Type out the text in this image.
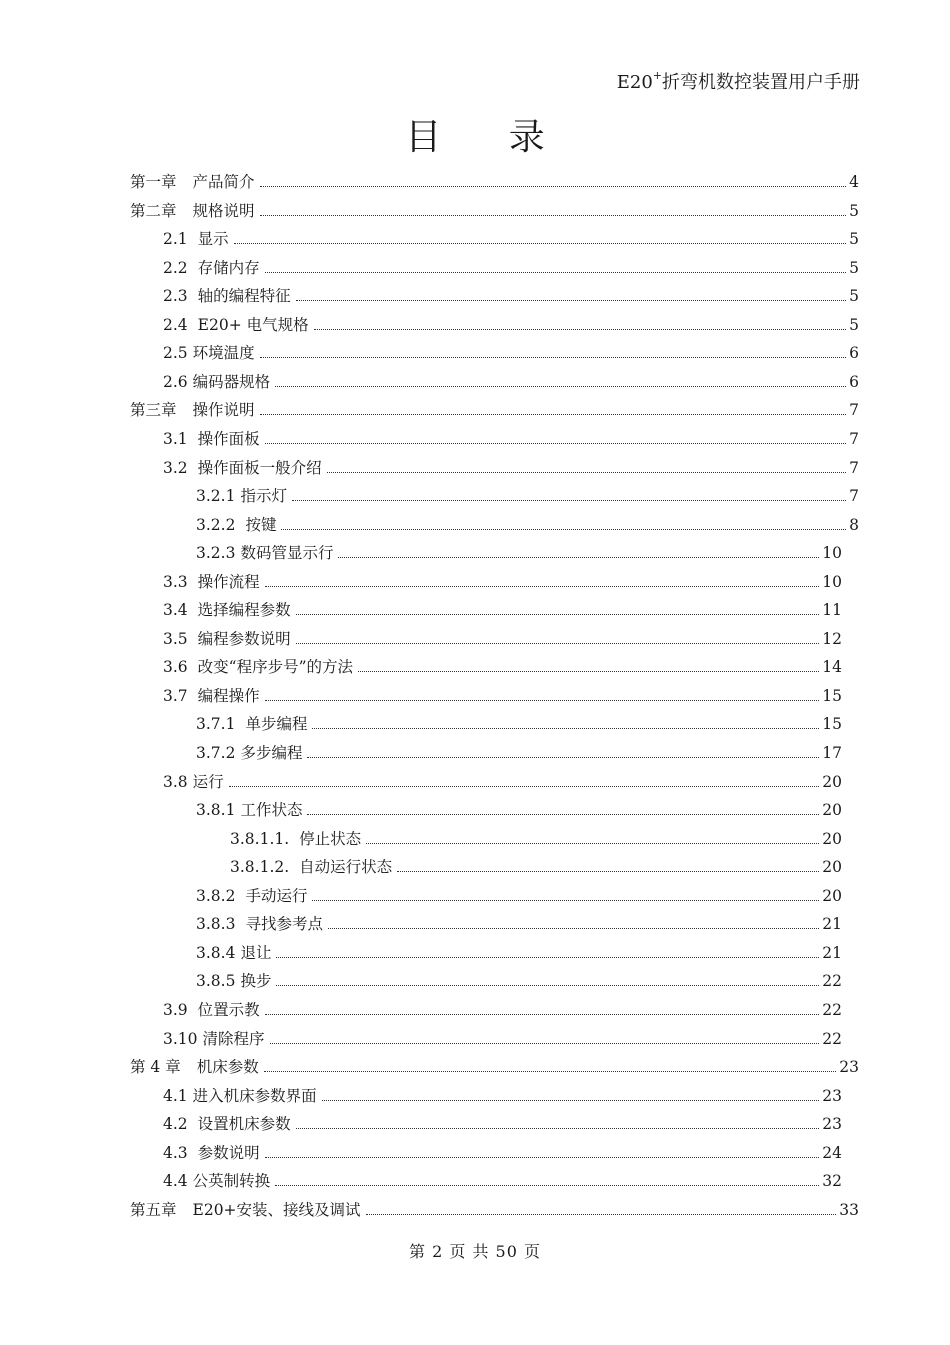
E20+折弯机数控装置用户手册
目 录
第一章 产品简介	4
第二章 规格说明	5
2.1 显示	5
2.2 存储内存	5
2.3 轴的编程特征	5
2.4 E20+ 电气规格	5
2.5 环境温度	6
2.6 编码器规格	6
第三章 操作说明	7
3.1 操作面板	7
3.2 操作面板一般介绍	7
3.2.1 指示灯	7
3.2.2 按键	8
3.2.3 数码管显示行	10
3.3 操作流程	10
3.4 选择编程参数	11
3.5 编程参数说明	12
3.6 改变“程序步号”的方法	14
3.7 编程操作	15
3.7.1 单步编程	15
3.7.2 多步编程	17
3.8 运行	20
3.8.1 工作状态	20
3.8.1.1. 停止状态	20
3.8.1.2. 自动运行状态	20
3.8.2 手动运行	20
3.8.3 寻找参考点	21
3.8.4 退让	21
3.8.5 换步	22
3.9 位置示教	22
3.10 清除程序	22
第 4 章 机床参数	23
4.1 进入机床参数界面	23
4.2 设置机床参数	23
4.3 参数说明	24
4.4 公英制转换	32
第五章 E20+安装、接线及调试	33
第 2 页 共 50 页
